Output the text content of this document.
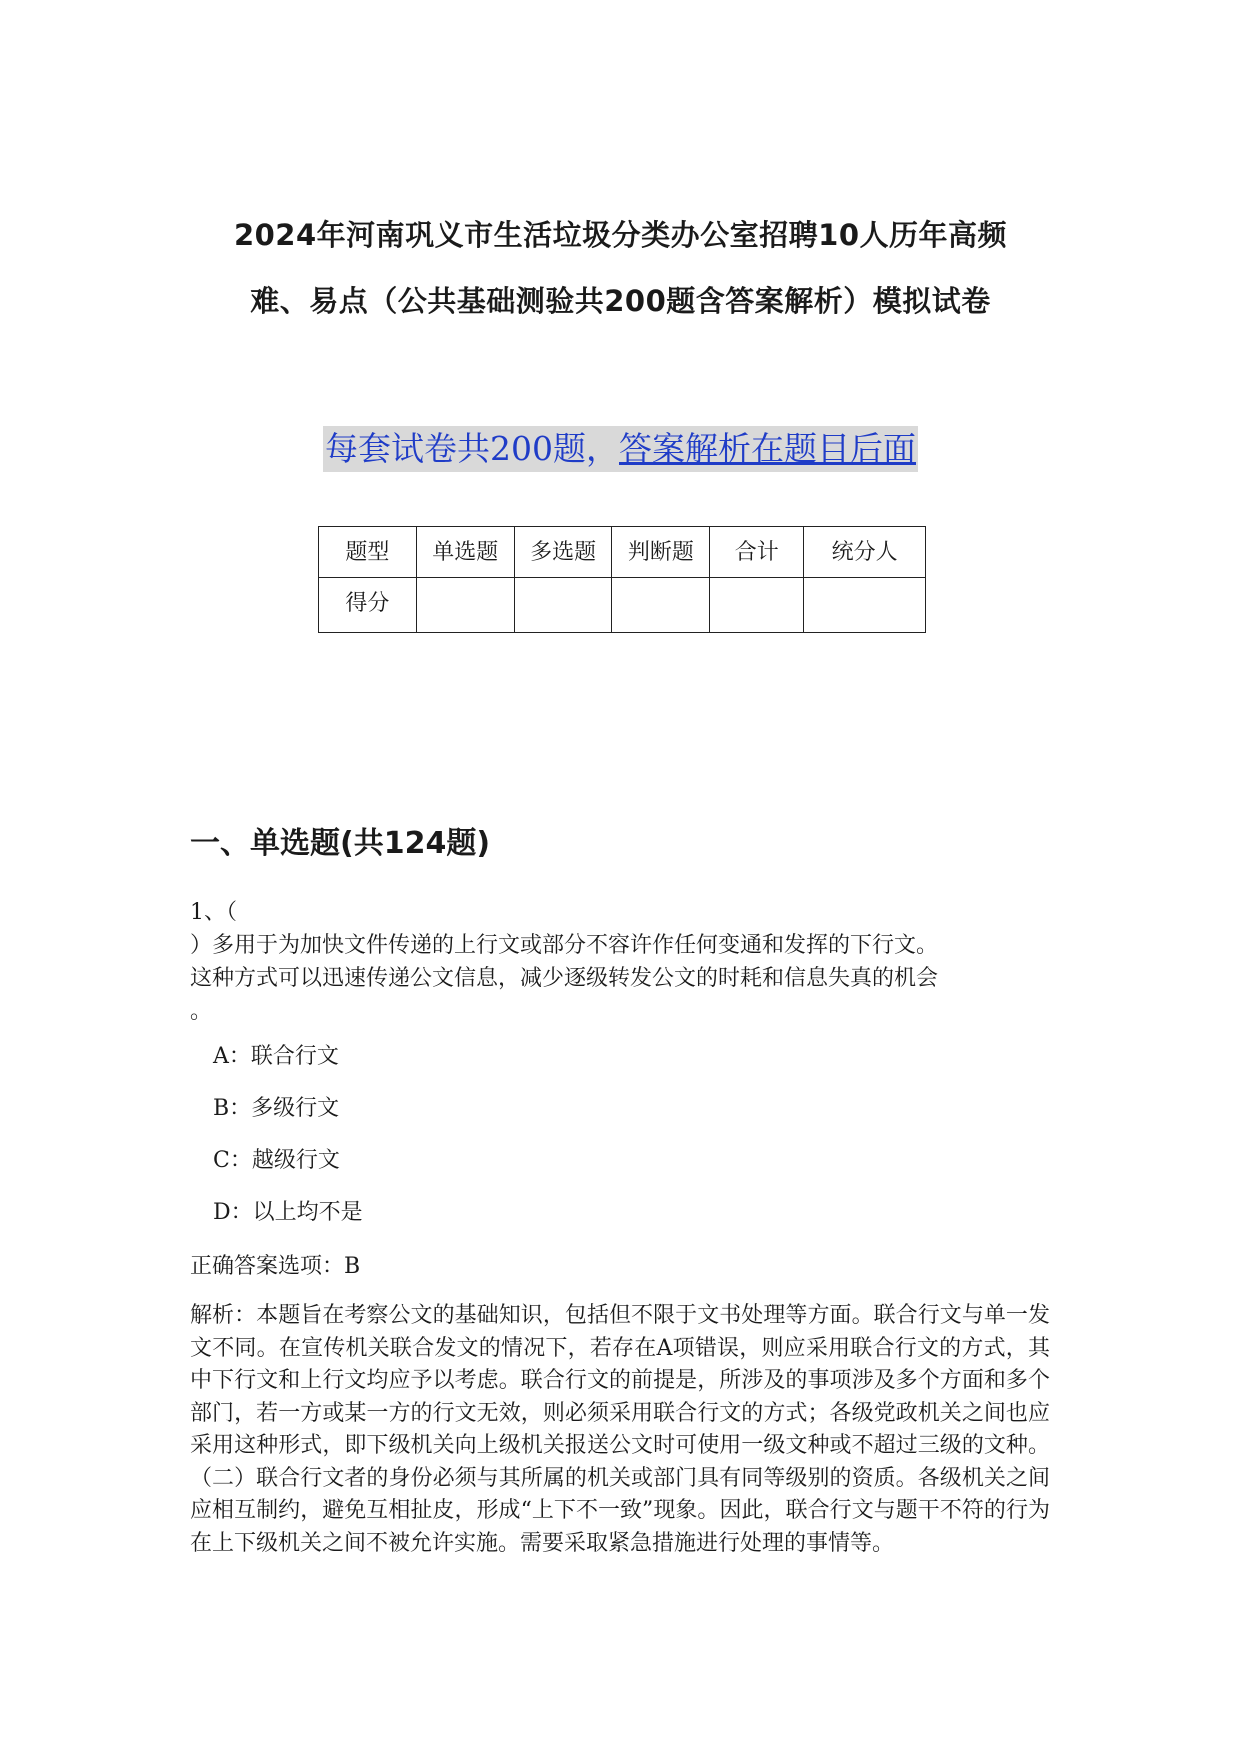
2024年河南巩义市生活垃圾分类办公室招聘10人历年高频
难、易点（公共基础测验共200题含答案解析）模拟试卷
每套试卷共200题，答案解析在题目后面
题型	单选题	多选题	判断题	合计	统分人
得分					
一、单选题(共124题)
1、（
）多用于为加快文件传递的上行文或部分不容许作任何变通和发挥的下行文。
这种方式可以迅速传递公文信息，减少逐级转发公文的时耗和信息失真的机会
。
A：联合行文
B：多级行文
C：越级行文
D：以上均不是
正确答案选项：B
解析：本题旨在考察公文的基础知识，包括但不限于文书处理等方面。联合行文与单一发文不同。在宣传机关联合发文的情况下，若存在A项错误，则应采用联合行文的方式，其中下行文和上行文均应予以考虑。联合行文的前提是，所涉及的事项涉及多个方面和多个部门，若一方或某一方的行文无效，则必须采用联合行文的方式；各级党政机关之间也应采用这种形式，即下级机关向上级机关报送公文时可使用一级文种或不超过三级的文种。（二）联合行文者的身份必须与其所属的机关或部门具有同等级别的资质。各级机关之间应相互制约，避免互相扯皮，形成“上下不一致”现象。因此，联合行文与题干不符的行为在上下级机关之间不被允许实施。需要采取紧急措施进行处理的事情等。
